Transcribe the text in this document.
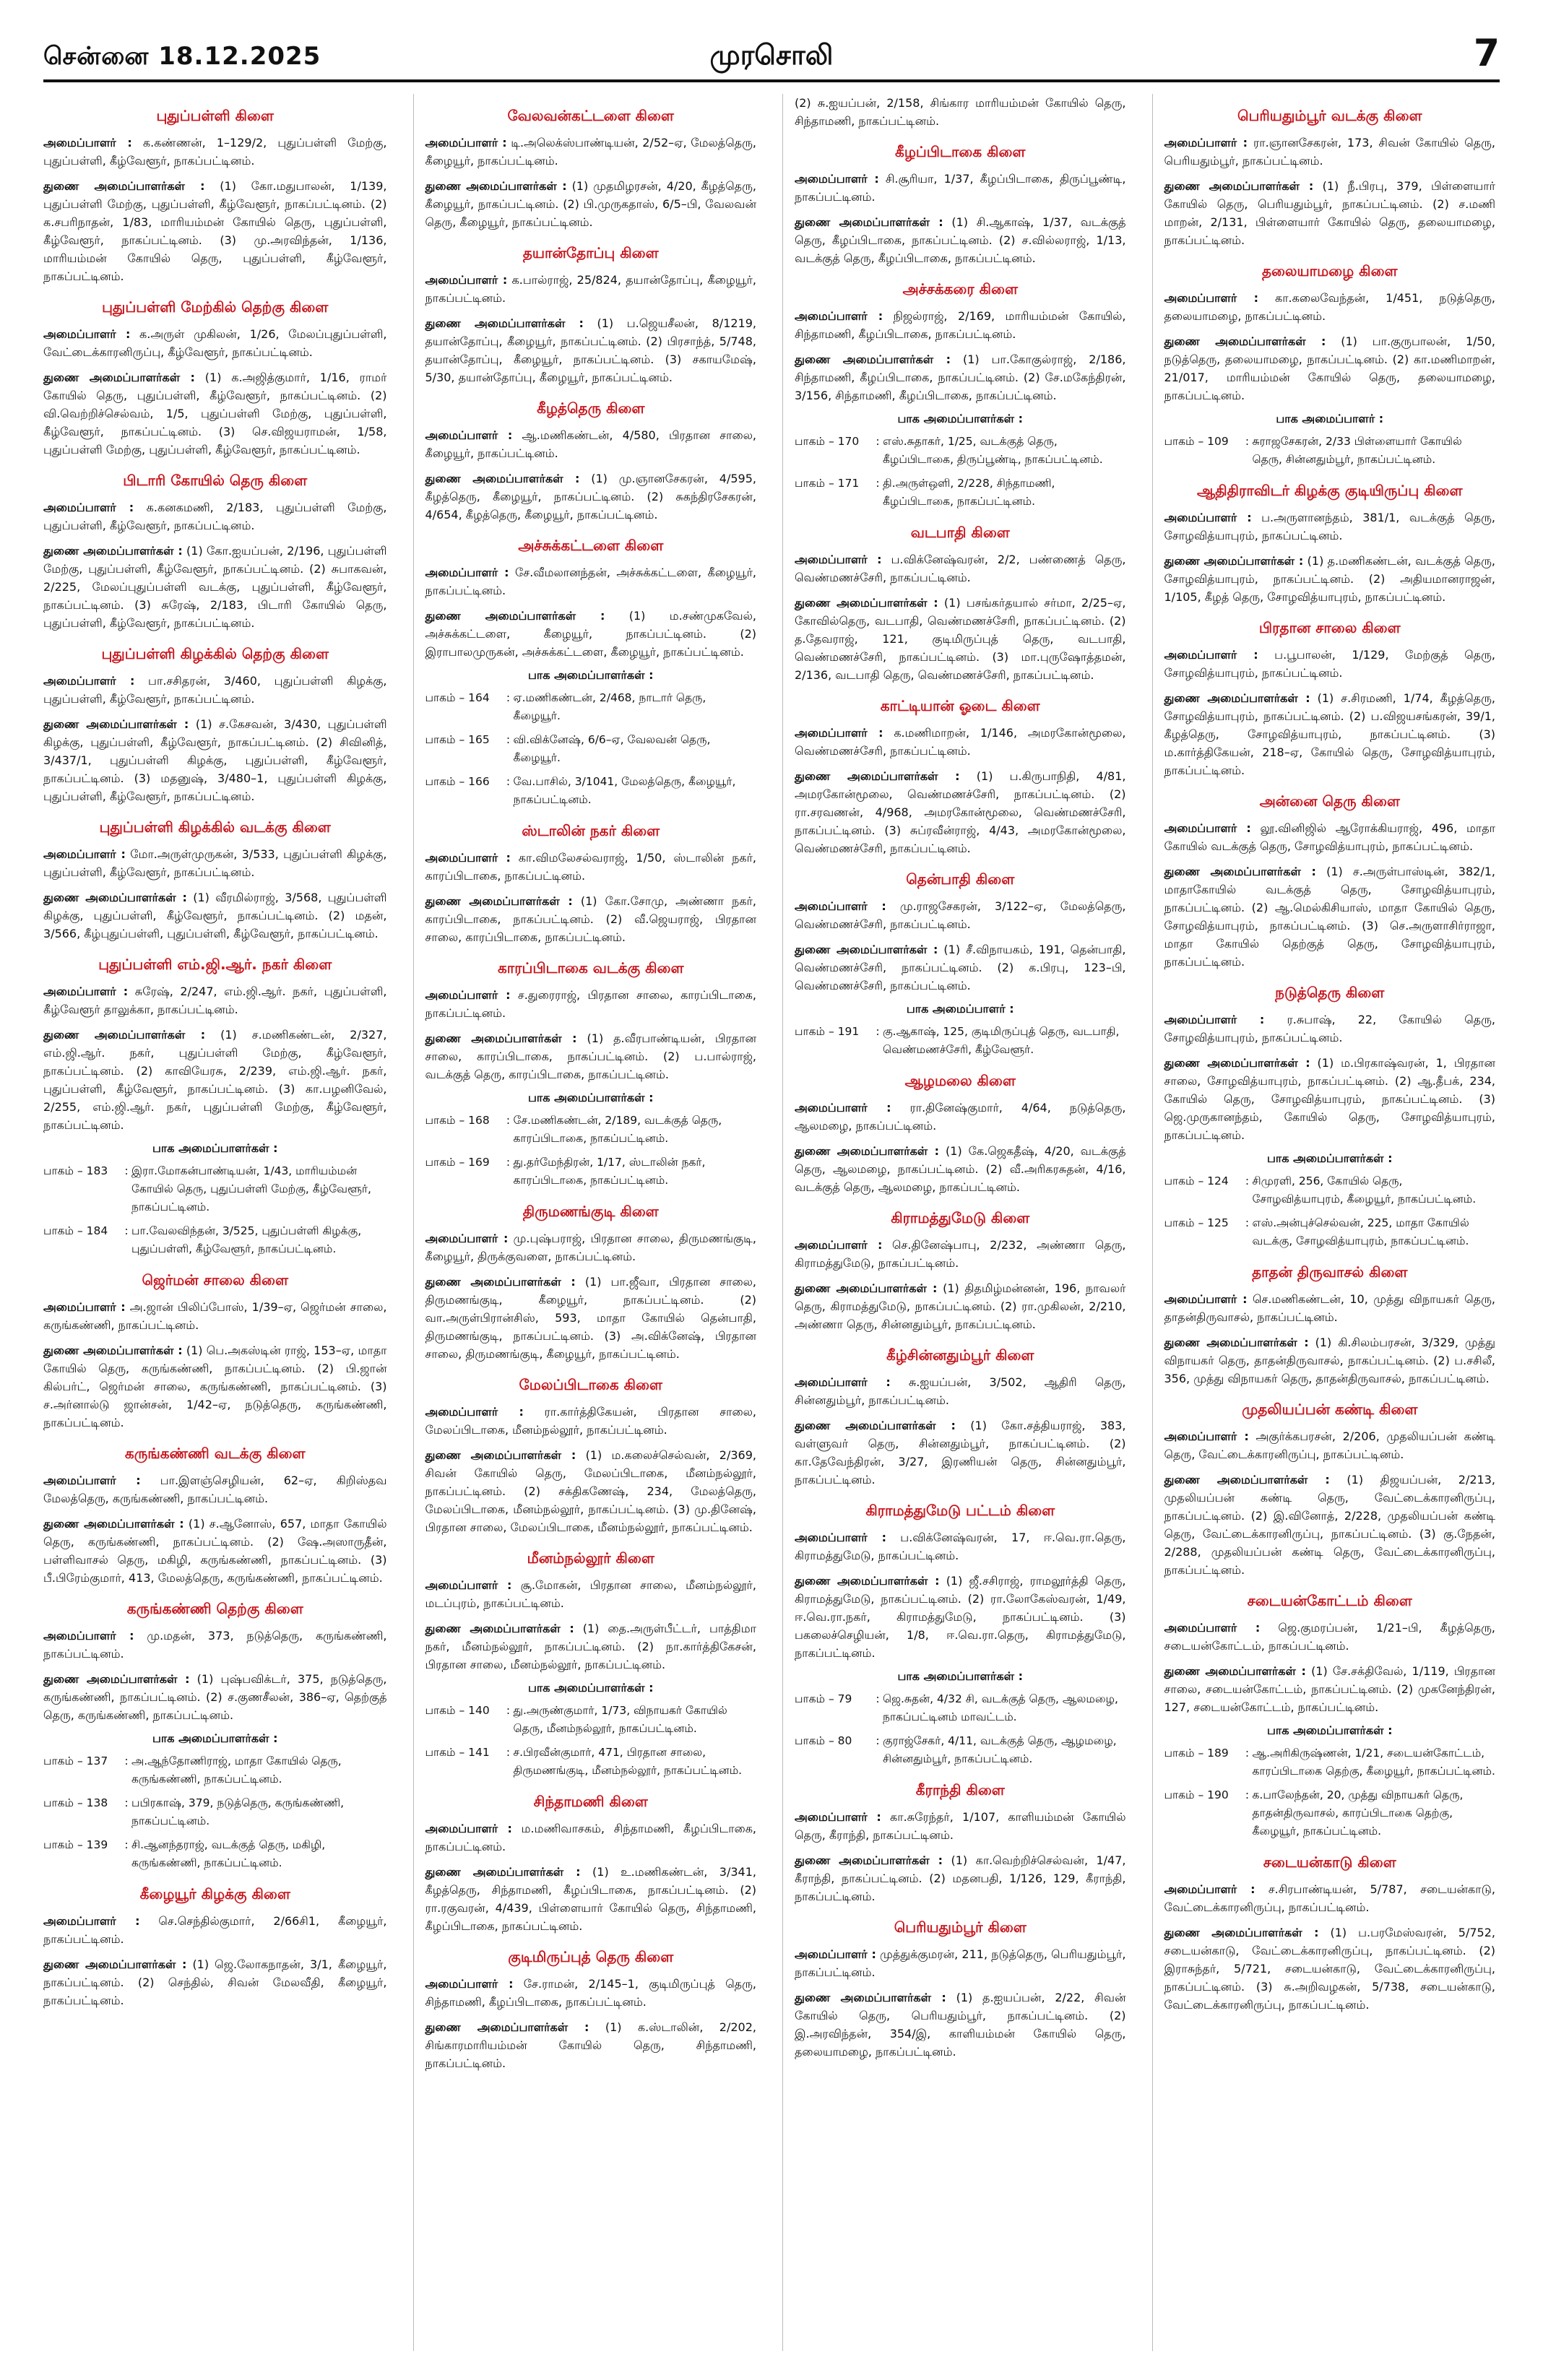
சென்னை 18.12.2025	முரசொலி	7
புதுப்பள்ளி கிளை

அமைப்பாளர் : க.கண்ணன், 1–129/2, புதுப்பள்ளி மேற்கு, புதுப்பள்ளி, கீழ்வேளூர், நாகப்பட்டினம்.

துணை அமைப்பாளர்கள் : (1) கோ.மதுபாலன், 1/139, புதுப்பள்ளி மேற்கு, புதுப்பள்ளி, கீழ்வேளூர், நாகப்பட்டினம். (2) க.சபரிநாதன், 1/83, மாரியம்மன் கோயில் தெரு, புதுப்பள்ளி, கீழ்வேளூர், நாகப்பட்டினம். (3) மு.அரவிந்தன், 1/136, மாரியம்மன் கோயில் தெரு, புதுப்பள்ளி, கீழ்வேளூர், நாகப்பட்டினம்.

புதுப்பள்ளி மேற்கில் தெற்கு கிளை

அமைப்பாளர் : க.அருள் முகிலன், 1/26, மேலப்புதுப்பள்ளி, வேட்டைக்காரனிருப்பு, கீழ்வேளூர், நாகப்பட்டினம்.

துணை அமைப்பாளர்கள் : (1) க.அஜித்குமார், 1/16, ராமர் கோயில் தெரு, புதுப்பள்ளி, கீழ்வேளூர், நாகப்பட்டினம். (2) வி.வெற்றிச்செல்வம், 1/5, புதுப்பள்ளி மேற்கு, புதுப்பள்ளி, கீழ்வேளூர், நாகப்பட்டினம். (3) செ.விஜயராமன், 1/58, புதுப்பள்ளி மேற்கு, புதுப்பள்ளி, கீழ்வேளூர், நாகப்பட்டினம்.

பிடாரி கோயில் தெரு கிளை

அமைப்பாளர் : க.கனகமணி, 2/183, புதுப்பள்ளி மேற்கு, புதுப்பள்ளி, கீழ்வேளூர், நாகப்பட்டினம்.

துணை அமைப்பாளர்கள் : (1) கோ.ஐயப்பன், 2/196, புதுப்பள்ளி மேற்கு, புதுப்பள்ளி, கீழ்வேளூர், நாகப்பட்டினம். (2) சுபாகவன், 2/225, மேலப்புதுப்பள்ளி வடக்கு, புதுப்பள்ளி, கீழ்வேளூர், நாகப்பட்டினம். (3) சுரேஷ், 2/183, பிடாரி கோயில் தெரு, புதுப்பள்ளி, கீழ்வேளூர், நாகப்பட்டினம்.

புதுப்பள்ளி கிழக்கில் தெற்கு கிளை

அமைப்பாளர் : பா.சசிதரன், 3/460, புதுப்பள்ளி கிழக்கு, புதுப்பள்ளி, கீழ்வேளூர், நாகப்பட்டினம்.

துணை அமைப்பாளர்கள் : (1) ச.கேசவன், 3/430, புதுப்பள்ளி கிழக்கு, புதுப்பள்ளி, கீழ்வேளூர், நாகப்பட்டினம். (2) சிவினித், 3/437/1, புதுப்பள்ளி கிழக்கு, புதுப்பள்ளி, கீழ்வேளூர், நாகப்பட்டினம். (3) மதனுஷ், 3/480–1, புதுப்பள்ளி கிழக்கு, புதுப்பள்ளி, கீழ்வேளூர், நாகப்பட்டினம்.

புதுப்பள்ளி கிழக்கில் வடக்கு கிளை

அமைப்பாளர் : மோ.அருள்முருகன், 3/533, புதுப்பள்ளி கிழக்கு, புதுப்பள்ளி, கீழ்வேளூர், நாகப்பட்டினம்.

துணை அமைப்பாளர்கள் : (1) வீரமில்ராஜ், 3/568, புதுப்பள்ளி கிழக்கு, புதுப்பள்ளி, கீழ்வேளூர், நாகப்பட்டினம். (2) மதன், 3/566, கீழ்புதுப்பள்ளி, புதுப்பள்ளி, கீழ்வேளூர், நாகப்பட்டினம்.

புதுப்பள்ளி எம்.ஜி.ஆர். நகர் கிளை

அமைப்பாளர் : சுரேஷ், 2/247, எம்.ஜி.ஆர். நகர், புதுப்பள்ளி, கீழ்வேளூர் தாலுக்கா, நாகப்பட்டினம்.

துணை அமைப்பாளர்கள் : (1) ச.மணிகண்டன், 2/327, எம்.ஜி.ஆர். நகர், புதுப்பள்ளி மேற்கு, கீழ்வேளூர், நாகப்பட்டினம். (2) காவியேரசு, 2/239, எம்.ஜி.ஆர். நகர், புதுப்பள்ளி, கீழ்வேளூர், நாகப்பட்டினம். (3) கா.பழனிவேல், 2/255, எம்.ஜி.ஆர். நகர், புதுப்பள்ளி மேற்கு, கீழ்வேளூர், நாகப்பட்டினம்.

பாக அமைப்பாளர்கள் :
பாகம் – 183	: இரா.மோகன்பாண்டியன், 1/43, மாரியம்மன் கோயில் தெரு, புதுப்பள்ளி மேற்கு, கீழ்வேளூர், நாகப்பட்டினம்.
பாகம் – 184	: பா.வேலவிந்தன், 3/525, புதுப்பள்ளி கிழக்கு, புதுப்பள்ளி, கீழ்வேளூர், நாகப்பட்டினம்.
ஜெர்மன் சாலை கிளை

அமைப்பாளர் : அ.ஜான் பிலிப்போஸ், 1/39–ஏ, ஜெர்மன் சாலை, கருங்கண்ணி, நாகப்பட்டினம்.

துணை அமைப்பாளர்கள் : (1) பெ.அகஸ்டின் ராஜ், 153–ஏ, மாதா கோயில் தெரு, கருங்கண்ணி, நாகப்பட்டினம். (2) பி.ஜான் கில்பர்ட், ஜெர்மன் சாலை, கருங்கண்ணி, நாகப்பட்டினம். (3) ச.அர்னால்டு ஜான்சன், 1/42–ஏ, நடுத்தெரு, கருங்கண்ணி, நாகப்பட்டினம்.

கருங்கண்ணி வடக்கு கிளை

அமைப்பாளர் : பா.இளஞ்செழியன், 62–ஏ, கிறிஸ்தவ மேலத்தெரு, கருங்கண்ணி, நாகப்பட்டினம்.

துணை அமைப்பாளர்கள் : (1) ச.ஆனோஸ், 657, மாதா கோயில் தெரு, கருங்கண்ணி, நாகப்பட்டினம். (2) ஷே.அஸாருதீன், பள்ளிவாசல் தெரு, மகிழி, கருங்கண்ணி, நாகப்பட்டினம். (3) பீ.பிரேம்குமார், 413, மேலத்தெரு, கருங்கண்ணி, நாகப்பட்டினம்.

கருங்கண்ணி தெற்கு கிளை

அமைப்பாளர் : மு.மதன், 373, நடுத்தெரு, கருங்கண்ணி, நாகப்பட்டினம்.

துணை அமைப்பாளர்கள் : (1) புஷ்பவிக்டர், 375, நடுத்தெரு, கருங்கண்ணி, நாகப்பட்டினம். (2) ச.குணசீலன், 386–ஏ, தெற்குத் தெரு, கருங்கண்ணி, நாகப்பட்டினம்.

பாக அமைப்பாளர்கள் :
பாகம் – 137	: அ.ஆந்தோணிராஜ், மாதா கோயில் தெரு, கருங்கண்ணி, நாகப்பட்டினம்.
பாகம் – 138	: பபிரகாஷ், 379, நடுத்தெரு, கருங்கண்ணி, நாகப்பட்டினம்.
பாகம் – 139	: சி.ஆனந்தராஜ், வடக்குத் தெரு, மகிழி, கருங்கண்ணி, நாகப்பட்டினம்.
கீழையூர் கிழக்கு கிளை

அமைப்பாளர் : செ.செந்தில்குமார், 2/66சி1, கீழையூர், நாகப்பட்டினம்.

துணை அமைப்பாளர்கள் : (1) ஜெ.லோகநாதன், 3/1, கீழையூர், நாகப்பட்டினம். (2) செந்தில், சிவன் மேலவீதி, கீழையூர், நாகப்பட்டினம்.

வேலவன்கட்டளை கிளை

அமைப்பாளர் : டி.அலெக்ஸ்பாண்டியன், 2/52–ஏ, மேலத்தெரு, கீழையூர், நாகப்பட்டினம்.

துணை அமைப்பாளர்கள் : (1) முதமிழரசன், 4/20, கீழத்தெரு, கீழையூர், நாகப்பட்டினம். (2) பி.முருகதாஸ், 6/5–பி, வேலவன் தெரு, கீழையூர், நாகப்பட்டினம்.

தயான்தோப்பு கிளை

அமைப்பாளர் : க.பால்ராஜ், 25/824, தயான்தோப்பு, கீழையூர், நாகப்பட்டினம்.

துணை அமைப்பாளர்கள் : (1) ப.ஜெயசீலன், 8/1219, தயான்தோப்பு, கீழையூர், நாகப்பட்டினம். (2) பிரசாந்த், 5/748, தயான்தோப்பு, கீழையூர், நாகப்பட்டினம். (3) சகாயமேஷ், 5/30, தயான்தோப்பு, கீழையூர், நாகப்பட்டினம்.

கீழத்தெரு கிளை

அமைப்பாளர் : ஆ.மணிகண்டன், 4/580, பிரதான சாலை, கீழையூர், நாகப்பட்டினம்.

துணை அமைப்பாளர்கள் : (1) மு.ஞானசேகரன், 4/595, கீழத்தெரு, கீழையூர், நாகப்பட்டினம். (2) சுகந்திரசேகரன், 4/654, கீழத்தெரு, கீழையூர், நாகப்பட்டினம்.

அச்சுக்கட்டளை கிளை

அமைப்பாளர் : சே.வீமலானந்தன், அச்சுக்கட்டளை, கீழையூர், நாகப்பட்டினம்.

துணை அமைப்பாளர்கள் : (1) ம.சண்முகவேல், அச்சுக்கட்டளை, கீழையூர், நாகப்பட்டினம். (2) இராபாலமுருகன், அச்சுக்கட்டளை, கீழையூர், நாகப்பட்டினம்.

பாக அமைப்பாளர்கள் :
பாகம் – 164	: ஏ.மணிகண்டன், 2/468, நாடார் தெரு, கீழையூர்.
பாகம் – 165	: வி.விக்னேஷ், 6/6–ஏ, வேலவன் தெரு, கீழையூர்.
பாகம் – 166	: வே.பாசில், 3/1041, மேலத்தெரு, கீழையூர், நாகப்பட்டினம்.
ஸ்டாலின் நகர் கிளை

அமைப்பாளர் : கா.விமலேசல்வராஜ், 1/50, ஸ்டாலின் நகர், காரப்பிடாகை, நாகப்பட்டினம்.

துணை அமைப்பாளர்கள் : (1) கோ.சோமு, அண்ணா நகர், காரப்பிடாகை, நாகப்பட்டினம். (2) வீ.ஜெயராஜ், பிரதான சாலை, காரப்பிடாகை, நாகப்பட்டினம்.

காரப்பிடாகை வடக்கு கிளை

அமைப்பாளர் : ச.துரைராஜ், பிரதான சாலை, காரப்பிடாகை, நாகப்பட்டினம்.

துணை அமைப்பாளர்கள் : (1) த.வீரபாண்டியன், பிரதான சாலை, காரப்பிடாகை, நாகப்பட்டினம். (2) ப.பால்ராஜ், வடக்குத் தெரு, காரப்பிடாகை, நாகப்பட்டினம்.

பாக அமைப்பாளர்கள் :
பாகம் – 168	: சே.மணிகண்டன், 2/189, வடக்குத் தெரு, காரப்பிடாகை, நாகப்பட்டினம்.
பாகம் – 169	: து.தர்மேந்திரன், 1/17, ஸ்டாலின் நகர், காரப்பிடாகை, நாகப்பட்டினம்.
திருமணங்குடி கிளை

அமைப்பாளர் : மு.புஷ்பராஜ், பிரதான சாலை, திருமணங்குடி, கீழையூர், திருக்குவளை, நாகப்பட்டினம்.

துணை அமைப்பாளர்கள் : (1) பா.ஜீவா, பிரதான சாலை, திருமணங்குடி, கீழையூர், நாகப்பட்டினம். (2) வா.அருள்பிரான்சிஸ், 593, மாதா கோயில் தென்பாதி, திருமணங்குடி, நாகப்பட்டினம். (3) அ.விக்னேஷ், பிரதான சாலை, திருமணங்குடி, கீழையூர், நாகப்பட்டினம்.

மேலப்பிடாகை கிளை

அமைப்பாளர் : ரா.கார்த்திகேயன், பிரதான சாலை, மேலப்பிடாகை, மீனம்நல்லூர், நாகப்பட்டினம்.

துணை அமைப்பாளர்கள் : (1) ம.கலைச்செல்வன், 2/369, சிவன் கோயில் தெரு, மேலப்பிடாகை, மீனம்நல்லூர், நாகப்பட்டினம். (2) சக்திகணேஷ், 234, மேலத்தெரு, மேலப்பிடாகை, மீனம்நல்லூர், நாகப்பட்டினம். (3) மு.தினேஷ், பிரதான சாலை, மேலப்பிடாகை, மீனம்நல்லூர், நாகப்பட்டினம்.

மீனம்நல்லூர் கிளை

அமைப்பாளர் : சூ.மோகன், பிரதான சாலை, மீனம்நல்லூர், மடப்புரம், நாகப்பட்டினம்.

துணை அமைப்பாளர்கள் : (1) தை.அருள்பீட்டர், பாத்திமா நகர், மீனம்நல்லூர், நாகப்பட்டினம். (2) நா.கார்த்திகேசன், பிரதான சாலை, மீனம்நல்லூர், நாகப்பட்டினம்.

பாக அமைப்பாளர்கள் :
பாகம் – 140	: து.அருண்குமார், 1/73, விநாயகர் கோயில் தெரு, மீனம்நல்லூர், நாகப்பட்டினம்.
பாகம் – 141	: ச.பிரவீன்குமார், 471, பிரதான சாலை, திருமணங்குடி, மீனம்நல்லூர், நாகப்பட்டினம்.
சிந்தாமணி கிளை

அமைப்பாளர் : ம.மணிவாசகம், சிந்தாமணி, கீழப்பிடாகை, நாகப்பட்டினம்.

துணை அமைப்பாளர்கள் : (1) உ.மணிகண்டன், 3/341, கீழத்தெரு, சிந்தாமணி, கீழப்பிடாகை, நாகப்பட்டினம். (2) ரா.ரகுவரன், 4/439, பிள்ளையார் கோயில் தெரு, சிந்தாமணி, கீழப்பிடாகை, நாகப்பட்டினம்.

குடிமிருப்புத் தெரு கிளை

அமைப்பாளர் : சே.ராமன், 2/145–1, குடிமிருப்புத் தெரு, சிந்தாமணி, கீழப்பிடாகை, நாகப்பட்டினம்.

துணை அமைப்பாளர்கள் : (1) க.ஸ்டாலின், 2/202, சிங்காரமாரியம்மன் கோயில் தெரு, சிந்தாமணி, நாகப்பட்டினம்.

(2) சு.ஐயப்பன், 2/158, சிங்கார மாரியம்மன் கோயில் தெரு, சிந்தாமணி, நாகப்பட்டினம்.

கீழப்பிடாகை கிளை

அமைப்பாளர் : சி.சூரியா, 1/37, கீழப்பிடாகை, திருப்பூண்டி, நாகப்பட்டினம்.

துணை அமைப்பாளர்கள் : (1) சி.ஆகாஷ், 1/37, வடக்குத் தெரு, கீழப்பிடாகை, நாகப்பட்டினம். (2) ச.வில்லராஜ், 1/13, வடக்குத் தெரு, கீழப்பிடாகை, நாகப்பட்டினம்.

அச்சக்கரை கிளை

அமைப்பாளர் : நிஜல்ராஜ், 2/169, மாரியம்மன் கோயில், சிந்தாமணி, கீழப்பிடாகை, நாகப்பட்டினம்.

துணை அமைப்பாளர்கள் : (1) பா.கோகுல்ராஜ், 2/186, சிந்தாமணி, கீழப்பிடாகை, நாகப்பட்டினம். (2) சே.மகேந்திரன், 3/156, சிந்தாமணி, கீழப்பிடாகை, நாகப்பட்டினம்.

பாக அமைப்பாளர்கள் :
பாகம் – 170	: எஸ்.சுதாகர், 1/25, வடக்குத் தெரு, கீழப்பிடாகை, திருப்பூண்டி, நாகப்பட்டினம்.
பாகம் – 171	: தி.அருள்ஒளி, 2/228, சிந்தாமணி, கீழப்பிடாகை, நாகப்பட்டினம்.
வடபாதி கிளை

அமைப்பாளர் : ப.விக்னேஷ்வரன், 2/2, பண்ணைத் தெரு, வெண்மணச்சேரி, நாகப்பட்டினம்.

துணை அமைப்பாளர்கள் : (1) பசங்கர்தயால் சர்மா, 2/25–ஏ, கோவில்தெரு, வடபாதி, வெண்மணச்சேரி, நாகப்பட்டினம். (2) த.தேவராஜ், 121, குடிமிருப்புத் தெரு, வடபாதி, வெண்மணச்சேரி, நாகப்பட்டினம். (3) மா.புருஷோத்தமன், 2/136, வடபாதி தெரு, வெண்மணச்சேரி, நாகப்பட்டினம்.

காட்டியான் ஓடை கிளை

அமைப்பாளர் : க.மணிமாறன், 1/146, அமரகோன்மூலை, வெண்மணச்சேரி, நாகப்பட்டினம்.

துணை அமைப்பாளர்கள் : (1) ப.கிருபாநிதி, 4/81, அமரகோன்மூலை, வெண்மணச்சேரி, நாகப்பட்டினம். (2) ரா.சரவணன், 4/968, அமரகோன்மூலை, வெண்மணச்சேரி, நாகப்பட்டினம். (3) சுப்ரவீன்ராஜ், 4/43, அமரகோன்மூலை, வெண்மணச்சேரி, நாகப்பட்டினம்.

தென்பாதி கிளை

அமைப்பாளர் : மு.ராஜசேகரன், 3/122–ஏ, மேலத்தெரு, வெண்மணச்சேரி, நாகப்பட்டினம்.

துணை அமைப்பாளர்கள் : (1) சீ.விநாயகம், 191, தென்பாதி, வெண்மணச்சேரி, நாகப்பட்டினம். (2) க.பிரபு, 123–பி, வெண்மணச்சேரி, நாகப்பட்டினம்.

பாக அமைப்பாளர் :
பாகம் – 191	: கு.ஆகாஷ், 125, குடிமிருப்புத் தெரு, வடபாதி, வெண்மணச்சேரி, கீழ்வேளூர்.
ஆழமலை கிளை

அமைப்பாளர் : ரா.தினேஷ்குமார், 4/64, நடுத்தெரு, ஆலமழை, நாகப்பட்டினம்.

துணை அமைப்பாளர்கள் : (1) கே.ஜெகதீஷ், 4/20, வடக்குத் தெரு, ஆலமழை, நாகப்பட்டினம். (2) வீ.அரிகரசுதன், 4/16, வடக்குத் தெரு, ஆலமழை, நாகப்பட்டினம்.

கிராமத்துமேடு கிளை

அமைப்பாளர் : செ.தினேஷ்பாபு, 2/232, அண்ணா தெரு, கிராமத்துமேடு, நாகப்பட்டினம்.

துணை அமைப்பாளர்கள் : (1) திதமிழ்மன்னன், 196, நாவலர் தெரு, கிராமத்துமேடு, நாகப்பட்டினம். (2) ரா.முகிலன், 2/210, அண்ணா தெரு, சின்னதும்பூர், நாகப்பட்டினம்.

கீழ்சின்னதும்பூர் கிளை

அமைப்பாளர் : சு.ஐயப்பன், 3/502, ஆதிரி தெரு, சின்னதும்பூர், நாகப்பட்டினம்.

துணை அமைப்பாளர்கள் : (1) கோ.சத்தியராஜ், 383, வள்ளுவர் தெரு, சின்னதும்பூர், நாகப்பட்டினம். (2) கா.தேவேந்திரன், 3/27, இரணியன் தெரு, சின்னதும்பூர், நாகப்பட்டினம்.

கிராமத்துமேடு பட்டம் கிளை

அமைப்பாளர் : ப.விக்னேஷ்வரன், 17, ஈ.வெ.ரா.தெரு, கிராமத்துமேடு, நாகப்பட்டினம்.

துணை அமைப்பாளர்கள் : (1) ஜீ.சசிராஜ், ராமலூர்த்தி தெரு, கிராமத்துமேடு, நாகப்பட்டினம். (2) ரா.லோகேஸ்வரன், 1/49, ஈ.வெ.ரா.நகர், கிராமத்துமேடு, நாகப்பட்டினம். (3) பகலைச்செழியன், 1/8, ஈ.வெ.ரா.தெரு, கிராமத்துமேடு, நாகப்பட்டினம்.

பாக அமைப்பாளர்கள் :
பாகம் – 79	: ஜெ.சுதன், 4/32 சி, வடக்குத் தெரு, ஆலமழை, நாகப்பட்டினம் மாவட்டம்.
பாகம் – 80	: குராஜ்சேகர், 4/11, வடக்குத் தெரு, ஆழமழை, சின்னதும்பூர், நாகப்பட்டினம்.
கீராந்தி கிளை

அமைப்பாளர் : கா.சுரேந்தர், 1/107, காளியம்மன் கோயில் தெரு, கீராந்தி, நாகப்பட்டினம்.

துணை அமைப்பாளர்கள் : (1) கா.வெற்றிச்செல்வன், 1/47, கீராந்தி, நாகப்பட்டினம். (2) மதனபதி, 1/126, 129, கீராந்தி, நாகப்பட்டினம்.

பெரியதும்பூர் கிளை

அமைப்பாளர் : முத்துக்குமரன், 211, நடுத்தெரு, பெரியதும்பூர், நாகப்பட்டினம்.

துணை அமைப்பாளர்கள் : (1) த.ஐயப்பன், 2/22, சிவன் கோயில் தெரு, பெரியதும்பூர், நாகப்பட்டினம். (2) இ.அரவிந்தன், 354/இ, காளியம்மன் கோயில் தெரு, தலையாமழை, நாகப்பட்டினம்.

பெரியதும்பூர் வடக்கு கிளை

அமைப்பாளர் : ரா.ஞானசேகரன், 173, சிவன் கோயில் தெரு, பெரியதும்பூர், நாகப்பட்டினம்.

துணை அமைப்பாளர்கள் : (1) நீ.பிரபு, 379, பிள்ளையார் கோயில் தெரு, பெரியதும்பூர், நாகப்பட்டினம். (2) ச.மணி மாறன், 2/131, பிள்ளையார் கோயில் தெரு, தலையாமழை, நாகப்பட்டினம்.

தலையாமழை கிளை

அமைப்பாளர் : கா.கலைவேந்தன், 1/451, நடுத்தெரு, தலையாமழை, நாகப்பட்டினம்.

துணை அமைப்பாளர்கள் : (1) பா.குருபாலன், 1/50, நடுத்தெரு, தலையாமழை, நாகப்பட்டினம். (2) கா.மணிமாறன், 21/017, மாரியம்மன் கோயில் தெரு, தலையாமழை, நாகப்பட்டினம்.

பாக அமைப்பாளர் :
பாகம் – 109	: சுராஜசேகரன், 2/33 பிள்ளையார் கோயில் தெரு, சின்னதும்பூர், நாகப்பட்டினம்.
ஆதிதிராவிடர் கிழக்கு குடியிருப்பு கிளை

அமைப்பாளர் : ப.அருளானந்தம், 381/1, வடக்குத் தெரு, சோழவித்யாபுரம், நாகப்பட்டினம்.

துணை அமைப்பாளர்கள் : (1) த.மணிகண்டன், வடக்குத் தெரு, சோழவித்யாபுரம், நாகப்பட்டினம். (2) அதியமானராஜன், 1/105, கீழத் தெரு, சோழவித்யாபுரம், நாகப்பட்டினம்.

பிரதான சாலை கிளை

அமைப்பாளர் : ப.பூபாலன், 1/129, மேற்குத் தெரு, சோழவித்யாபுரம், நாகப்பட்டினம்.

துணை அமைப்பாளர்கள் : (1) ச.சிரமணி, 1/74, கீழத்தெரு, சோழவித்யாபுரம், நாகப்பட்டினம். (2) ப.விஜயசங்கரன், 39/1, கீழத்தெரு, சோழவித்யாபுரம், நாகப்பட்டினம். (3) ம.கார்த்திகேயன், 218–ஏ, கோயில் தெரு, சோழவித்யாபுரம், நாகப்பட்டினம்.

அன்னை தெரு கிளை

அமைப்பாளர் : லூ.வினிஜில் ஆரோக்கியராஜ், 496, மாதா கோயில் வடக்குத் தெரு, சோழவித்யாபுரம், நாகப்பட்டினம்.

துணை அமைப்பாளர்கள் : (1) ச.அருள்பாஸ்டின், 382/1, மாதாகோயில் வடக்குத் தெரு, சோழவித்யாபுரம், நாகப்பட்டினம். (2) ஆ.மெல்கிசியாஸ், மாதா கோயில் தெரு, சோழவித்யாபுரம், நாகப்பட்டினம். (3) செ.அருளாசிர்ராஜா, மாதா கோயில் தெற்குத் தெரு, சோழவித்யாபுரம், நாகப்பட்டினம்.

நடுத்தெரு கிளை

அமைப்பாளர் : ர.சுபாஷ், 22, கோயில் தெரு, சோழவித்யாபுரம், நாகப்பட்டினம்.

துணை அமைப்பாளர்கள் : (1) ம.பிரகாஷ்வரன், 1, பிரதான சாலை, சோழவித்யாபுரம், நாகப்பட்டினம். (2) ஆ.தீபக், 234, கோயில் தெரு, சோழவித்யாபுரம், நாகப்பட்டினம். (3) ஜெ.முருகானந்தம், கோயில் தெரு, சோழவித்யாபுரம், நாகப்பட்டினம்.

பாக அமைப்பாளர்கள் :
பாகம் – 124	: சிமுரளி, 256, கோயில் தெரு, சோழவித்யாபுரம், கீழையூர், நாகப்பட்டினம்.
பாகம் – 125	: எஸ்.அன்புச்செல்வன், 225, மாதா கோயில் வடக்கு, சோழவித்யாபுரம், நாகப்பட்டினம்.
தாதன் திருவாசல் கிளை

அமைப்பாளர் : செ.மணிகண்டன், 10, முத்து விநாயகர் தெரு, தாதன்திருவாசல், நாகப்பட்டினம்.

துணை அமைப்பாளர்கள் : (1) கி.சிலம்பரசன், 3/329, முத்து விநாயகர் தெரு, தாதன்திருவாசல், நாகப்பட்டினம். (2) ப.சசிலீ, 356, முத்து விநாயகர் தெரு, தாதன்திருவாசல், நாகப்பட்டினம்.

முதலியப்பன் கண்டி கிளை

அமைப்பாளர் : அகுர்க்கபரசன், 2/206, முதலியப்பன் கண்டி தெரு, வேட்டைக்காரனிருப்பு, நாகப்பட்டினம்.

துணை அமைப்பாளர்கள் : (1) திஜயப்பன், 2/213, முதலியப்பன் கண்டி தெரு, வேட்டைக்காரனிருப்பு, நாகப்பட்டினம். (2) இ.வினோத், 2/228, முதலியப்பன் கண்டி தெரு, வேட்டைக்காரனிருப்பு, நாகப்பட்டினம். (3) கு.நேதன், 2/288, முதலியப்பன் கண்டி தெரு, வேட்டைக்காரனிருப்பு, நாகப்பட்டினம்.

சடையன்கோட்டம் கிளை

அமைப்பாளர் : ஜெ.குமரப்பன், 1/21–பி, கீழத்தெரு, சடையன்கோட்டம், நாகப்பட்டினம்.

துணை அமைப்பாளர்கள் : (1) சே.சக்திவேல், 1/119, பிரதான சாலை, சடையன்கோட்டம், நாகப்பட்டினம். (2) முகனேந்திரன், 127, சடையன்கோட்டம், நாகப்பட்டினம்.

பாக அமைப்பாளர்கள் :
பாகம் – 189	: ஆ.அரிகிருஷ்ணன், 1/21, சடையன்கோட்டம், காரப்பிடாகை தெற்கு, கீழையூர், நாகப்பட்டினம்.
பாகம் – 190	: க.பாலேந்தன், 20, முத்து விநாயகர் தெரு, தாதன்திருவாசல், காரப்பிடாகை தெற்கு, கீழையூர், நாகப்பட்டினம்.
சடையன்காடு கிளை

அமைப்பாளர் : ச.சிரபாண்டியன், 5/787, சடையன்காடு, வேட்டைக்காரனிருப்பு, நாகப்பட்டினம்.

துணை அமைப்பாளர்கள் : (1) ப.பரமேஸ்வரன், 5/752, சடையன்காடு, வேட்டைக்காரனிருப்பு, நாகப்பட்டினம். (2) இராசுந்தர், 5/721, சடையன்காடு, வேட்டைக்காரனிருப்பு, நாகப்பட்டினம். (3) சு.அறிவழகன், 5/738, சடையன்காடு, வேட்டைக்காரனிருப்பு, நாகப்பட்டினம்.
